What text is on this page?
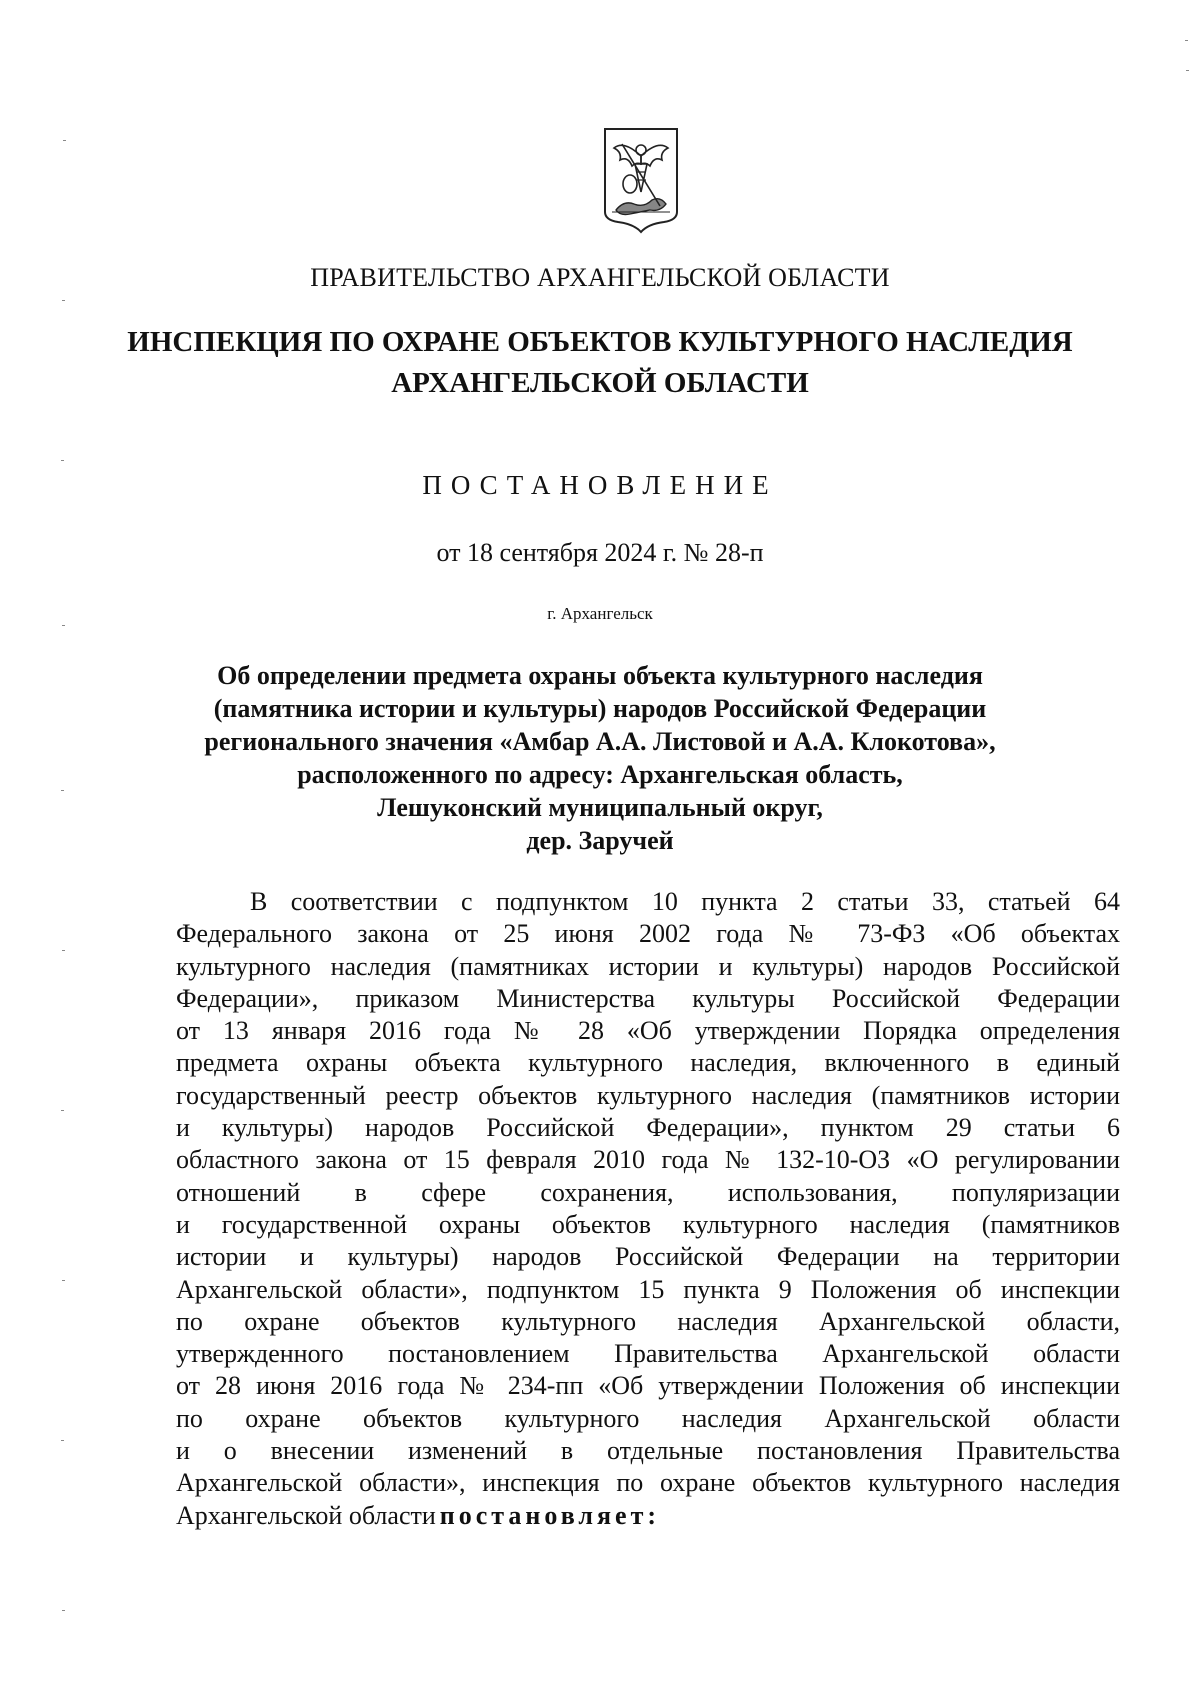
ПРАВИТЕЛЬСТВО АРХАНГЕЛЬСКОЙ ОБЛАСТИ
ИНСПЕКЦИЯ ПО ОХРАНЕ ОБЪЕКТОВ КУЛЬТУРНОГО НАСЛЕДИЯ
АРХАНГЕЛЬСКОЙ ОБЛАСТИ
ПОСТАНОВЛЕНИЕ
от 18 сентября 2024 г. № 28-п
г. Архангельск
Об определении предмета охраны объекта культурного наследия
(памятника истории и культуры) народов Российской Федерации
регионального значения «Амбар А.А. Листовой и А.А. Клокотова»,
расположенного по адресу: Архангельская область,
Лешуконский муниципальный округ,
дер. Заручей
В соответствии с подпунктом 10 пункта 2 статьи 33, статьей 64
Федерального закона от 25 июня 2002 года № 73-ФЗ «Об объектах
культурного наследия (памятниках истории и культуры) народов Российской
Федерации», приказом Министерства культуры Российской Федерации
от 13 января 2016 года № 28 «Об утверждении Порядка определения
предмета охраны объекта культурного наследия, включенного в единый
государственный реестр объектов культурного наследия (памятников истории
и культуры) народов Российской Федерации», пунктом 29 статьи 6
областного закона от 15 февраля 2010 года № 132-10-ОЗ «О регулировании
отношений в сфере сохранения, использования, популяризации
и государственной охраны объектов культурного наследия (памятников
истории и культуры) народов Российской Федерации на территории
Архангельской области», подпунктом 15 пункта 9 Положения об инспекции
по охране объектов культурного наследия Архангельской области,
утвержденного постановлением Правительства Архангельской области
от 28 июня 2016 года № 234-пп «Об утверждении Положения об инспекции
по охране объектов культурного наследия Архангельской области
и о внесении изменений в отдельные постановления Правительства
Архангельской области», инспекция по охране объектов культурного наследия
Архангельской области постановляет:
